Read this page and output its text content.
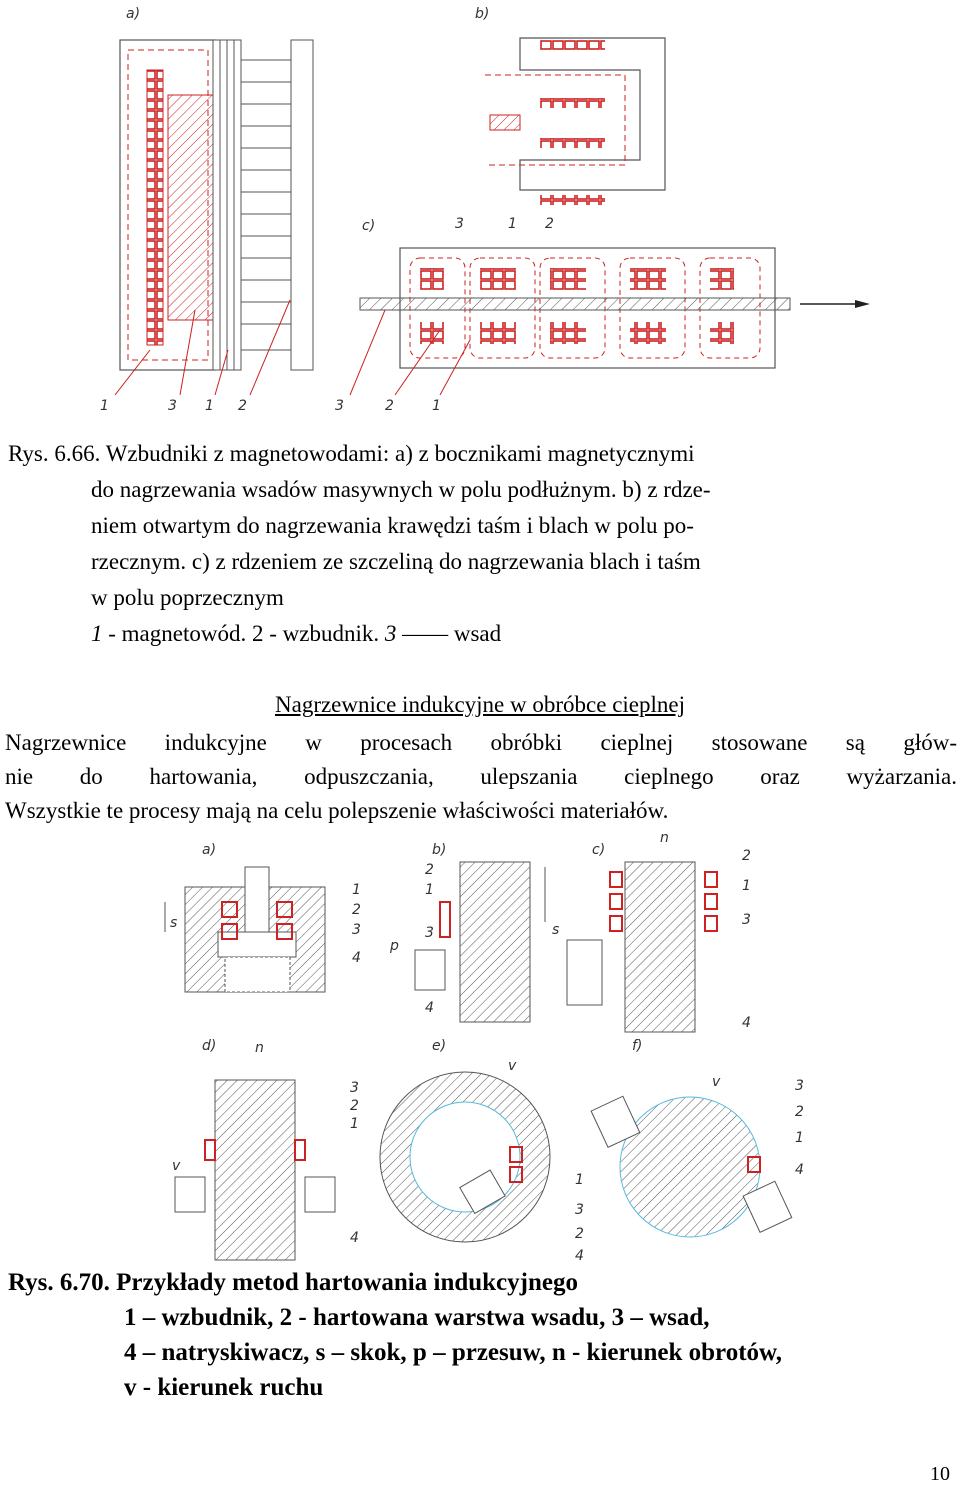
a)
1	3 1 2
b)
c)	3	1 2
3	2	1
Rys. 6.66. Wzbudniki z magnetowodami: a) z bocznikami magnetycznymi
do nagrzewania wsadów masywnych w polu podłużnym. b) z rdze-
niem otwartym do nagrzewania krawędzi taśm i blach w polu po-
rzecznym. c) z rdzeniem ze szczeliną do nagrzewania blach i taśm
w polu poprzecznym
1 - magnetowód. 2 - wzbudnik. 3 —— wsad
Nagrzewnice indukcyjne w obróbce cieplnej
Nagrzewnice indukcyjne w procesach obróbki cieplnej stosowane są głów-
nie do hartowania, odpuszczania, ulepszania cieplnego oraz wyżarzania.
Wszystkie te procesy mają na celu polepszenie właściwości materiałów.
a)
s
1
2
3
4
b)
2
1
3
4
p
c)
n
s
2
1
3
4
d)	n
v
3
2
1
4
e)
v
1
3
2
4
f)
v	3
2
1
4
Rys. 6.70. Przykłady metod hartowania indukcyjnego
1 – wzbudnik, 2 - hartowana warstwa wsadu, 3 – wsad,
4 – natryskiwacz, s – skok, p – przesuw, n - kierunek obrotów,
v - kierunek ruchu
10
